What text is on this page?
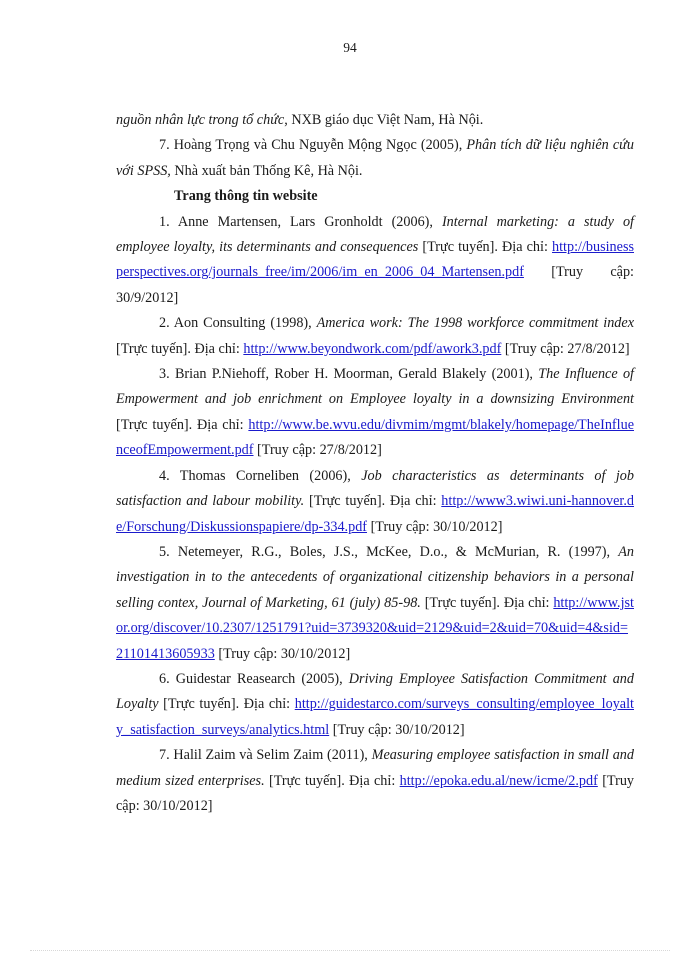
94

nguồn nhân lực trong tổ chức, NXB giáo dục Việt Nam, Hà Nội.

7. Hoàng Trọng và Chu Nguyễn Mộng Ngọc (2005), Phân tích dữ liệu nghiên cứu với SPSS, Nhà xuất bản Thống Kê, Hà Nội.

Trang thông tin website

1. Anne Martensen, Lars Gronholdt (2006), Internal marketing: a study of employee loyalty, its determinants and consequences [Trực tuyến]. Địa chỉ: http://businessperspectives.org/journals_free/im/2006/im_en_2006_04_Martensen.pdf [Truy cập: 30/9/2012]

2. Aon Consulting (1998), America work: The 1998 workforce commitment index [Trực tuyến]. Địa chỉ: http://www.beyondwork.com/pdf/awork3.pdf [Truy cập: 27/8/2012]

3. Brian P.Niehoff, Rober H. Moorman, Gerald Blakely (2001), The Influence of Empowerment and job enrichment on Employee loyalty in a downsizing Environment [Trực tuyến]. Địa chỉ: http://www.be.wvu.edu/divmim/mgmt/blakely/homepage/TheInfluenceofEmpowerment.pdf [Truy cập: 27/8/2012]

4. Thomas Corneliben (2006), Job characteristics as determinants of job satisfaction and labour mobility. [Trực tuyến]. Địa chỉ: http://www3.wiwi.uni-hannover.de/Forschung/Diskussionspapiere/dp-334.pdf [Truy cập: 30/10/2012]

5. Netemeyer, R.G., Boles, J.S., McKee, D.o., & McMurian, R. (1997), An investigation in to the antecedents of organizational citizenship behaviors in a personal selling contex, Journal of Marketing, 61 (july) 85-98. [Trực tuyến]. Địa chỉ: http://www.jstor.org/discover/10.2307/1251791?uid=3739320&uid=2129&uid=2&uid=70&uid=4&sid=21101413605933 [Truy cập: 30/10/2012]

6. Guidestar Reasearch (2005), Driving Employee Satisfaction Commitment and Loyalty [Trực tuyến]. Địa chỉ: http://guidestarco.com/surveys_consulting/employee_loyalty_satisfaction_surveys/analytics.html [Truy cập: 30/10/2012]

7. Halil Zaim và Selim Zaim (2011), Measuring employee satisfaction in small and medium sized enterprises. [Trực tuyến]. Địa chỉ: http://epoka.edu.al/new/icme/2.pdf [Truy cập: 30/10/2012]
